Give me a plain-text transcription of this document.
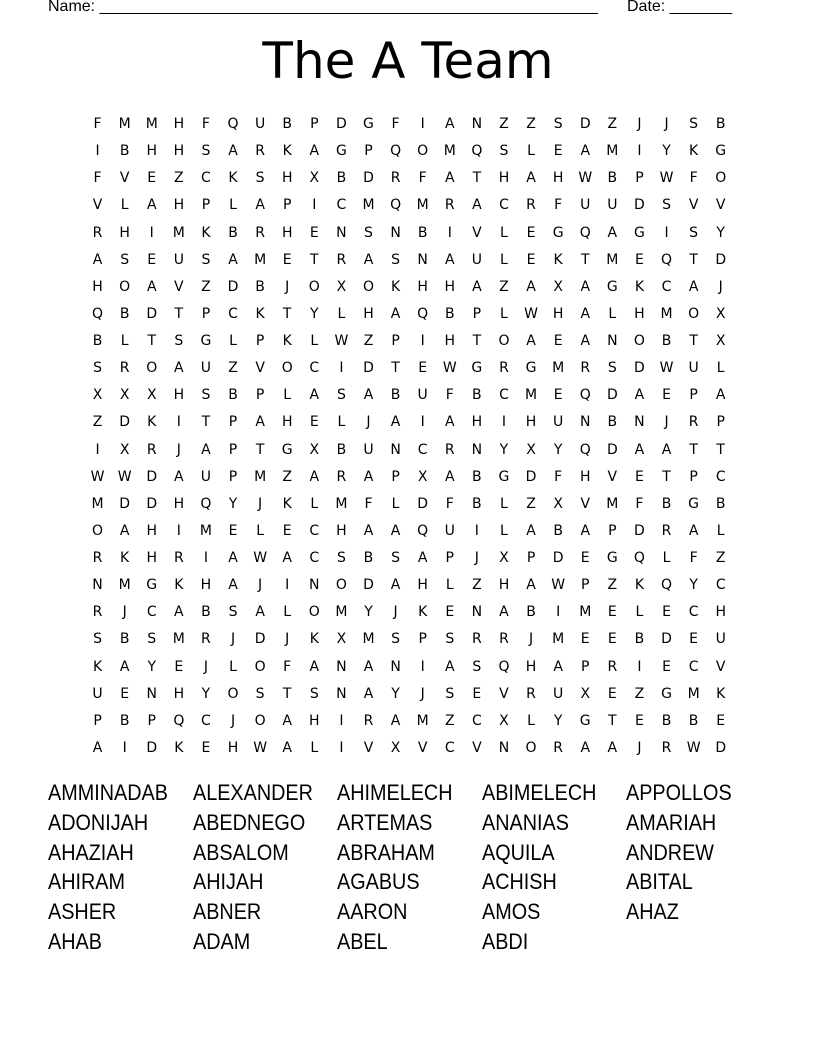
Name: ________________________________________________________ Date: _______
The A Team
F	M	M	H	F	Q	U	B	P	D	G	F	I	A	N	Z	Z	S	D	Z	J	J	S	B
I	B	H	H	S	A	R	K	A	G	P	Q	O	M	Q	S	L	E	A	M	I	Y	K	G
F	V	E	Z	C	K	S	H	X	B	D	R	F	A	T	H	A	H	W	B	P	W	F	O
V	L	A	H	P	L	A	P	I	C	M	Q	M	R	A	C	R	F	U	U	D	S	V	V
R	H	I	M	K	B	R	H	E	N	S	N	B	I	V	L	E	G	Q	A	G	I	S	Y
A	S	E	U	S	A	M	E	T	R	A	S	N	A	U	L	E	K	T	M	E	Q	T	D
H	O	A	V	Z	D	B	J	O	X	O	K	H	H	A	Z	A	X	A	G	K	C	A	J
Q	B	D	T	P	C	K	T	Y	L	H	A	Q	B	P	L	W	H	A	L	H	M	O	X
B	L	T	S	G	L	P	K	L	W	Z	P	I	H	T	O	A	E	A	N	O	B	T	X
S	R	O	A	U	Z	V	O	C	I	D	T	E	W	G	R	G	M	R	S	D	W	U	L
X	X	X	H	S	B	P	L	A	S	A	B	U	F	B	C	M	E	Q	D	A	E	P	A
Z	D	K	I	T	P	A	H	E	L	J	A	I	A	H	I	H	U	N	B	N	J	R	P
I	X	R	J	A	P	T	G	X	B	U	N	C	R	N	Y	X	Y	Q	D	A	A	T	T
W W	D	A	U	P	M	Z	A	R	A	P	X	A	B	G	D	F	H	V	E	T	P	C
M	D	D	H	Q	Y	J	K	L	M	F	L	D	F	B	L	Z	X	V	M	F	B	G	B
O	A	H	I	M	E	L	E	C	H	A	A	Q	U	I	L	A	B	A	P	D	R	A	L
R	K	H	R	I	A	W	A	C	S	B	S	A	P	J	X	P	D	E	G	Q	L	F	Z
N	M	G	K	H	A	J	I	N	O	D	A	H	L	Z	H	A	W	P	Z	K	Q	Y	C
R	J	C	A	B	S	A	L	O	M	Y	J	K	E	N	A	B	I	M	E	L	E	C	H
S	B	S	M	R	J	D	J	K	X	M	S	P	S	R	R	J	M	E	E	B	D	E	U
K	A	Y	E	J	L	O	F	A	N	A	N	I	A	S	Q	H	A	P	R	I	E	C	V
U	E	N	H	Y	O	S	T	S	N	A	Y	J	S	E	V	R	U	X	E	Z	G	M	K
P	B	P	Q	C	J	O	A	H	I	R	A	M	Z	C	X	L	Y	G	T	E	B	B	E
A	I	D	K	E	H	W	A	L	I	V	X	V	C	V	N	O	R	A	A	J	R	W	D
AMMINADAB	ALEXANDER	AHIMELECH	ABIMELECH	APPOLLOS
ADONIJAH	ABEDNEGO	ARTEMAS	ANANIAS	AMARIAH
AHAZIAH	ABSALOM	ABRAHAM	AQUILA	ANDREW
AHIRAM	AHIJAH	AGABUS	ACHISH	ABITAL
ASHER	ABNER	AARON	AMOS	AHAZ
AHAB	ADAM	ABEL	ABDI
